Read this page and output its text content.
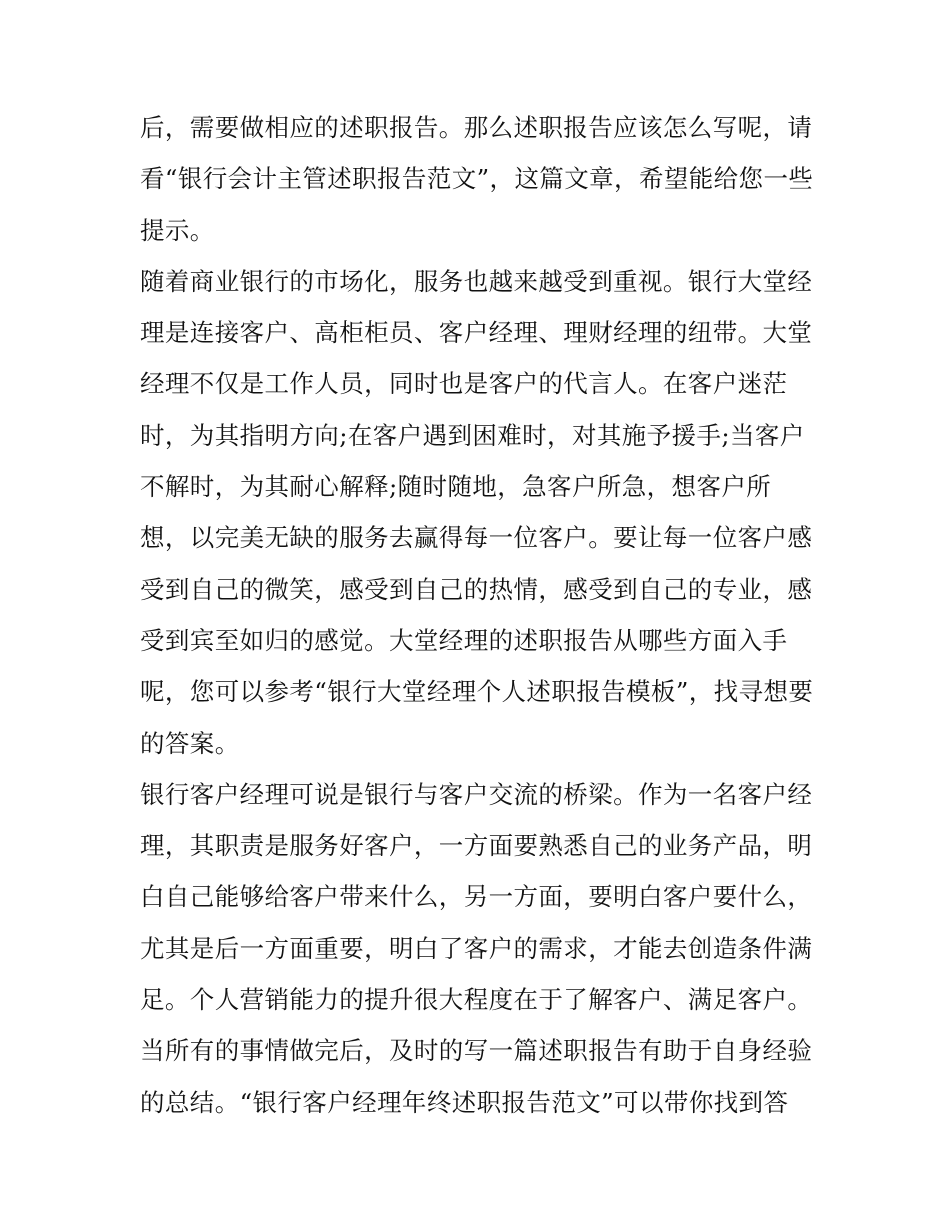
后，需要做相应的述职报告。那么述职报告应该怎么写呢，请
看“银行会计主管述职报告范文”，这篇文章，希望能给您一些
提示。
随着商业银行的市场化，服务也越来越受到重视。银行大堂经
理是连接客户、高柜柜员、客户经理、理财经理的纽带。大堂
经理不仅是工作人员，同时也是客户的代言人。在客户迷茫
时，为其指明方向;在客户遇到困难时，对其施予援手;当客户
不解时，为其耐心解释;随时随地，急客户所急，想客户所
想，以完美无缺的服务去赢得每一位客户。要让每一位客户感
受到自己的微笑，感受到自己的热情，感受到自己的专业，感
受到宾至如归的感觉。大堂经理的述职报告从哪些方面入手
呢，您可以参考“银行大堂经理个人述职报告模板”，找寻想要
的答案。
银行客户经理可说是银行与客户交流的桥梁。作为一名客户经
理，其职责是服务好客户，一方面要熟悉自己的业务产品，明
白自己能够给客户带来什么，另一方面，要明白客户要什么，
尤其是后一方面重要，明白了客户的需求，才能去创造条件满
足。个人营销能力的提升很大程度在于了解客户、满足客户。
当所有的事情做完后，及时的写一篇述职报告有助于自身经验
的总结。“银行客户经理年终述职报告范文”可以带你找到答
